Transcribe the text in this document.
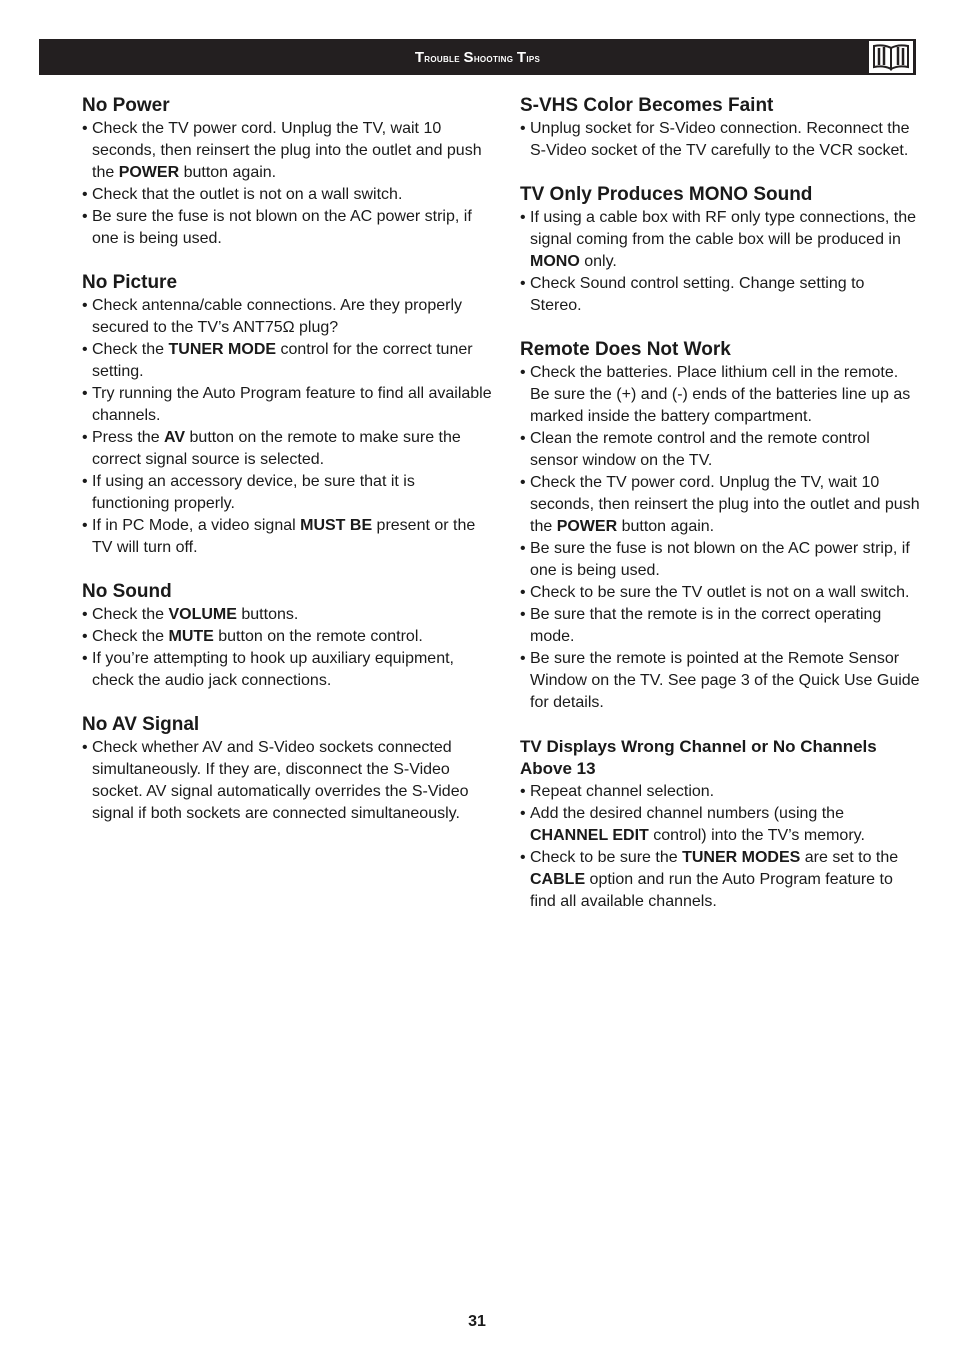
Trouble Shooting Tips
No Power
• Check the TV power cord. Unplug the TV, wait 10 seconds, then reinsert the plug into the outlet and push the POWER button again.
• Check that the outlet is not on a wall switch.
• Be sure the fuse is not blown on the AC power strip, if one is being used.
No Picture
• Check antenna/cable connections. Are they properly secured to the TV’s ANT75Ω plug?
• Check the TUNER MODE control for the correct tuner setting.
• Try running the Auto Program feature to find all available channels.
• Press the AV button on the remote to make sure the correct signal source is selected.
• If using an accessory device, be sure that it is functioning properly.
• If in PC Mode, a video signal MUST BE present or the TV will turn off.
No Sound
• Check the VOLUME buttons.
• Check the MUTE button on the remote control.
• If you’re attempting to hook up auxiliary equipment, check the audio jack connections.
No AV Signal
• Check whether AV and S-Video sockets connected simultaneously. If they are, disconnect the S-Video socket. AV signal automatically overrides the S-Video signal if both sockets are connected simultaneously.
S-VHS Color Becomes Faint
• Unplug socket for S-Video connection. Reconnect the S-Video socket of the TV carefully to the VCR socket.
TV Only Produces MONO Sound
• If using a cable box with RF only type connections, the signal coming from the cable box will be produced in MONO only.
• Check Sound control setting. Change setting to Stereo.
Remote Does Not Work
• Check the batteries. Place lithium cell in the remote. Be sure the (+) and (-) ends of the batteries line up as marked inside the battery compartment.
• Clean the remote control and the remote control sensor window on the TV.
• Check the TV power cord. Unplug the TV, wait 10 seconds, then reinsert the plug into the outlet and push the POWER button again.
• Be sure the fuse is not blown on the AC power strip, if one is being used.
• Check to be sure the TV outlet is not on a wall switch.
• Be sure that the remote is in the correct operating mode.
• Be sure the remote is pointed at the Remote Sensor Window on the TV. See page 3 of the Quick Use Guide for details.
TV Displays Wrong Channel or No Channels Above 13
• Repeat channel selection.
• Add the desired channel numbers (using the CHANNEL EDIT control) into the TV’s memory.
• Check to be sure the TUNER MODES are set to the CABLE option and run the Auto Program feature to find all available channels.
31
